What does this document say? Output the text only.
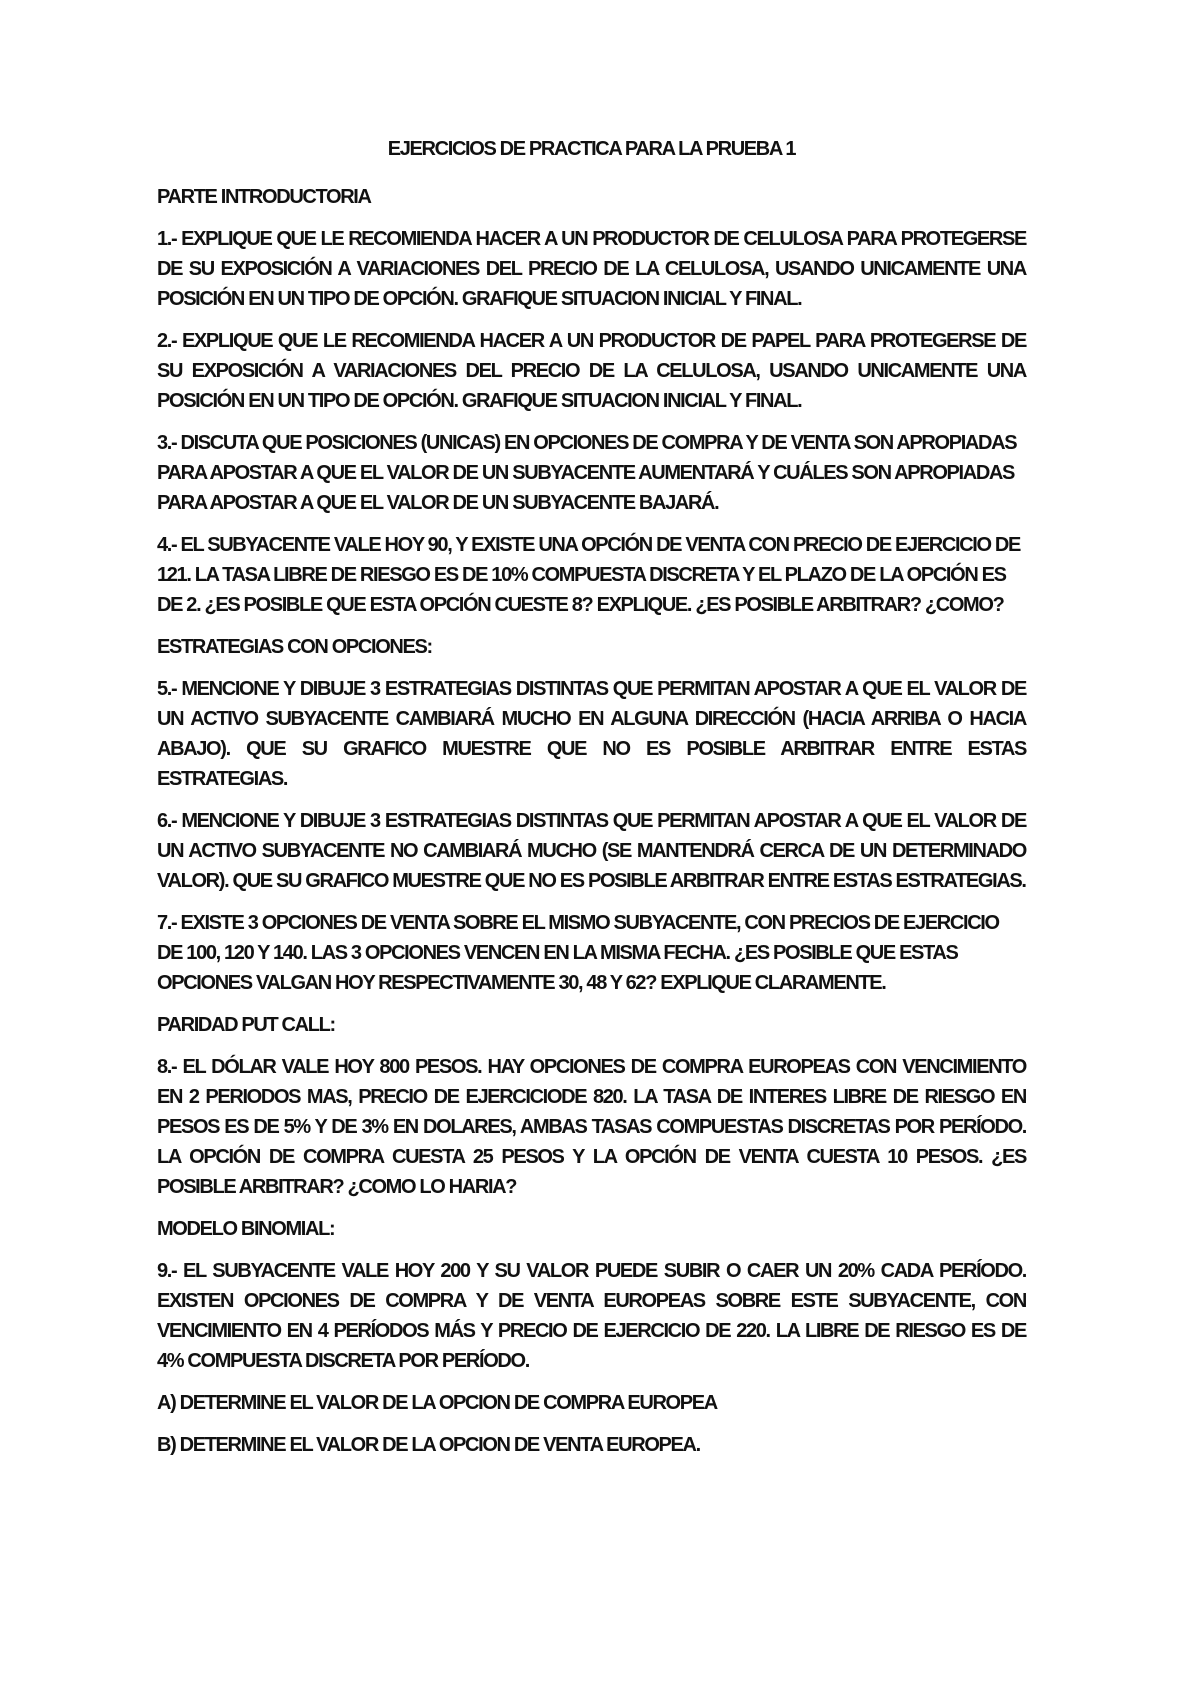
EJERCICIOS DE PRACTICA PARA LA PRUEBA 1

PARTE INTRODUCTORIA

1.- EXPLIQUE QUE LE RECOMIENDA HACER A UN PRODUCTOR DE CELULOSA PARA PROTEGERSE DE SU EXPOSICIÓN A VARIACIONES DEL PRECIO DE LA CELULOSA, USANDO UNICAMENTE UNA POSICIÓN EN UN TIPO DE OPCIÓN. GRAFIQUE SITUACION INICIAL Y FINAL.

2.- EXPLIQUE QUE LE RECOMIENDA HACER A UN PRODUCTOR DE PAPEL PARA PROTEGERSE DE SU EXPOSICIÓN A VARIACIONES DEL PRECIO DE LA CELULOSA, USANDO UNICAMENTE UNA POSICIÓN EN UN TIPO DE OPCIÓN. GRAFIQUE SITUACION INICIAL Y FINAL.

3.- DISCUTA QUE POSICIONES (UNICAS) EN OPCIONES DE COMPRA Y DE VENTA SON APROPIADAS PARA APOSTAR A QUE EL VALOR DE UN SUBYACENTE AUMENTARÁ Y CUÁLES SON APROPIADAS PARA APOSTAR A QUE EL VALOR DE UN SUBYACENTE BAJARÁ.

4.- EL SUBYACENTE VALE HOY 90, Y EXISTE UNA OPCIÓN DE VENTA CON PRECIO DE EJERCICIO DE 121. LA TASA LIBRE DE RIESGO ES DE 10% COMPUESTA DISCRETA Y EL PLAZO DE LA OPCIÓN ES DE 2. ¿ES POSIBLE QUE ESTA OPCIÓN CUESTE 8? EXPLIQUE. ¿ES POSIBLE ARBITRAR? ¿COMO?

ESTRATEGIAS CON OPCIONES:

5.- MENCIONE Y DIBUJE 3 ESTRATEGIAS DISTINTAS QUE PERMITAN APOSTAR A QUE EL VALOR DE UN ACTIVO SUBYACENTE CAMBIARÁ MUCHO EN ALGUNA DIRECCIÓN (HACIA ARRIBA O HACIA ABAJO). QUE SU GRAFICO MUESTRE QUE NO ES POSIBLE ARBITRAR ENTRE ESTAS ESTRATEGIAS.

6.- MENCIONE Y DIBUJE 3 ESTRATEGIAS DISTINTAS QUE PERMITAN APOSTAR A QUE EL VALOR DE UN ACTIVO SUBYACENTE NO CAMBIARÁ MUCHO (SE MANTENDRÁ CERCA DE UN DETERMINADO VALOR). QUE SU GRAFICO MUESTRE QUE NO ES POSIBLE ARBITRAR ENTRE ESTAS ESTRATEGIAS.

7.- EXISTE 3 OPCIONES DE VENTA SOBRE EL MISMO SUBYACENTE, CON PRECIOS DE EJERCICIO DE 100, 120 Y 140. LAS 3 OPCIONES VENCEN EN LA MISMA FECHA. ¿ES POSIBLE QUE ESTAS OPCIONES VALGAN HOY RESPECTIVAMENTE 30, 48 Y 62? EXPLIQUE CLARAMENTE.

PARIDAD PUT CALL:

8.- EL DÓLAR VALE HOY 800 PESOS. HAY OPCIONES DE COMPRA EUROPEAS CON VENCIMIENTO EN 2 PERIODOS MAS, PRECIO DE EJERCICIODE 820. LA TASA DE INTERES LIBRE DE RIESGO EN PESOS ES DE 5% Y DE 3% EN DOLARES, AMBAS TASAS COMPUESTAS DISCRETAS POR PERÍODO. LA OPCIÓN DE COMPRA CUESTA 25 PESOS Y LA OPCIÓN DE VENTA CUESTA 10 PESOS. ¿ES POSIBLE ARBITRAR? ¿COMO LO HARIA?

MODELO BINOMIAL:

9.- EL SUBYACENTE VALE HOY 200 Y SU VALOR PUEDE SUBIR O CAER UN 20% CADA PERÍODO. EXISTEN OPCIONES DE COMPRA Y DE VENTA EUROPEAS SOBRE ESTE SUBYACENTE, CON VENCIMIENTO EN 4 PERÍODOS MÁS Y PRECIO DE EJERCICIO DE 220. LA LIBRE DE RIESGO ES DE 4% COMPUESTA DISCRETA POR PERÍODO.

A) DETERMINE EL VALOR DE LA OPCION DE COMPRA EUROPEA

B) DETERMINE EL VALOR DE LA OPCION DE VENTA EUROPEA.
